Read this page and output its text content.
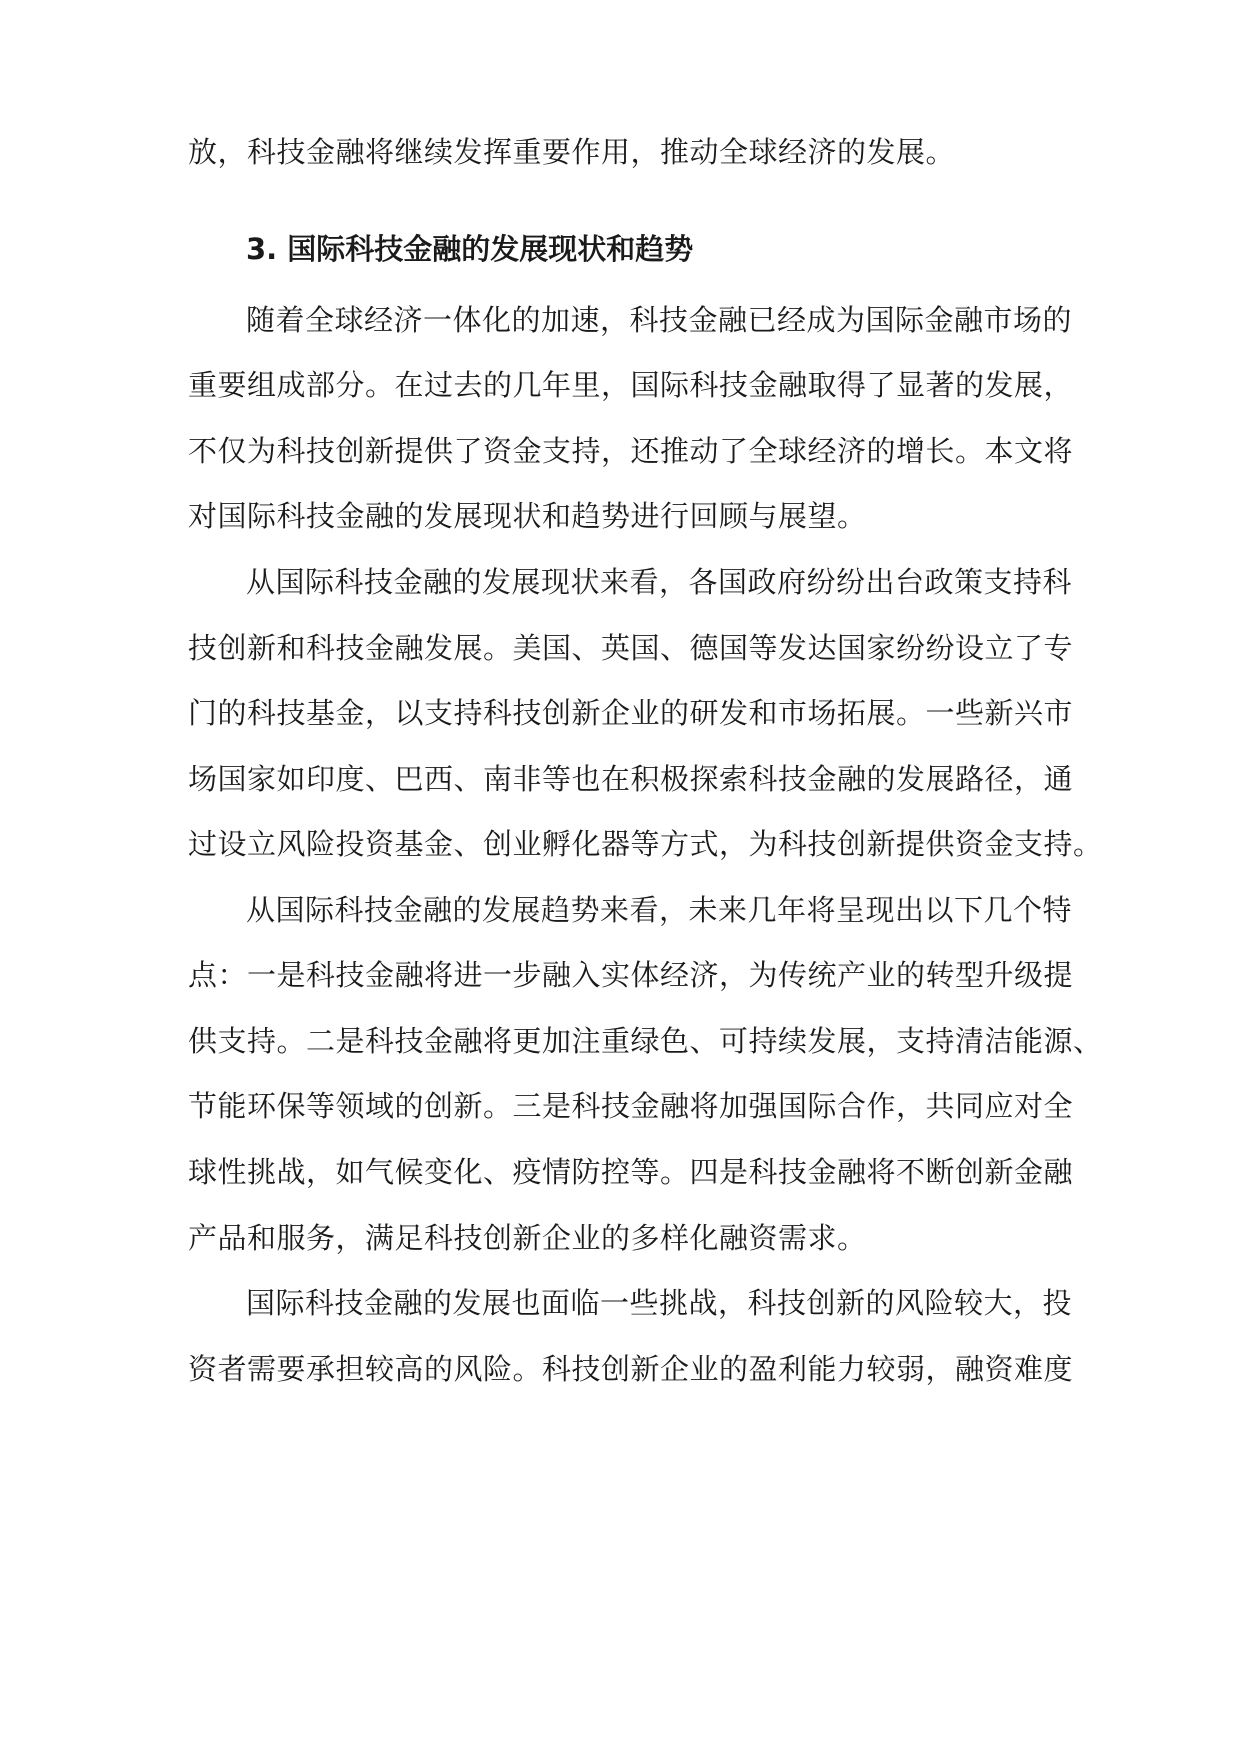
放，科技金融将继续发挥重要作用，推动全球经济的发展。
3. 国际科技金融的发展现状和趋势
随着全球经济一体化的加速，科技金融已经成为国际金融市场的
重要组成部分。在过去的几年里，国际科技金融取得了显著的发展，
不仅为科技创新提供了资金支持，还推动了全球经济的增长。本文将
对国际科技金融的发展现状和趋势进行回顾与展望。
从国际科技金融的发展现状来看，各国政府纷纷出台政策支持科
技创新和科技金融发展。美国、英国、德国等发达国家纷纷设立了专
门的科技基金，以支持科技创新企业的研发和市场拓展。一些新兴市
场国家如印度、巴西、南非等也在积极探索科技金融的发展路径，通
过设立风险投资基金、创业孵化器等方式，为科技创新提供资金支持。
从国际科技金融的发展趋势来看，未来几年将呈现出以下几个特
点：一是科技金融将进一步融入实体经济，为传统产业的转型升级提
供支持。二是科技金融将更加注重绿色、可持续发展，支持清洁能源、
节能环保等领域的创新。三是科技金融将加强国际合作，共同应对全
球性挑战，如气候变化、疫情防控等。四是科技金融将不断创新金融
产品和服务，满足科技创新企业的多样化融资需求。
国际科技金融的发展也面临一些挑战，科技创新的风险较大，投
资者需要承担较高的风险。科技创新企业的盈利能力较弱，融资难度
